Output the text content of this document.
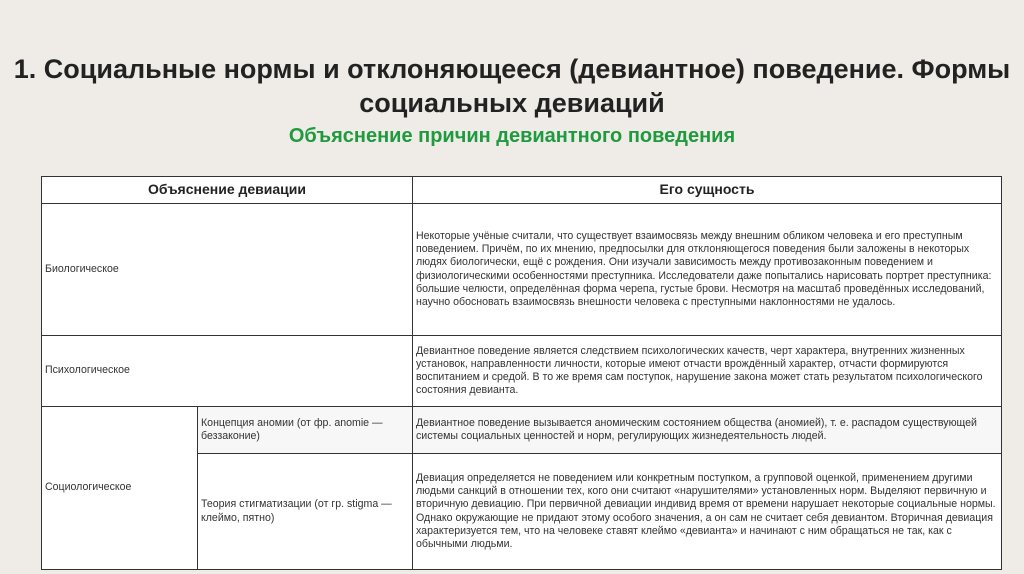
1. Социальные нормы и отклоняющееся (девиантное) поведение. Формы социальных девиаций
Объяснение причин девиантного поведения
Объяснение девиации		Его сущность
Биологическое		Некоторые учёные считали, что существует взаимосвязь между внешним обликом человека и его преступным поведением. Причём, по их мнению, предпосылки для отклоняющегося поведения были заложены в некоторых людях биологически, ещё с рождения. Они изучали зависимость между противозаконным поведением и физиологическими особенностями преступника. Исследователи даже попытались нарисовать портрет преступника: большие челюсти, определённая форма черепа, густые брови. Несмотря на масштаб проведённых исследований, научно обосновать взаимосвязь внешности человека с преступными наклонностями не удалось.
Психологическое		Девиантное поведение является следствием психологических качеств, черт характера, внутренних жизненных установок, направленности личности, которые имеют отчасти врождённый характер, отчасти формируются воспитанием и средой. В то же время сам поступок, нарушение закона может стать результатом психологического состояния девианта.
Социологическое	Концепция аномии (от фр. anomie — беззаконие)	Девиантное поведение вызывается аномическим состоянием общества (аномией), т. е. распадом существующей системы социальных ценностей и норм, регулирующих жизнедеятельность людей.
	Теория стигматизации (от гр. stigma — клеймо, пятно)	Девиация определяется не поведением или конкретным поступком, а групповой оценкой, применением другими людьми санкций в отношении тех, кого они считают «нарушителями» установленных норм. Выделяют первичную и вторичную девиацию. При первичной девиации индивид время от времени нарушает некоторые социальные нормы. Однако окружающие не придают этому особого значения, а он сам не считает себя девиантом. Вторичная девиация характеризуется тем, что на человеке ставят клеймо «девианта» и начинают с ним обращаться не так, как с обычными людьми.
